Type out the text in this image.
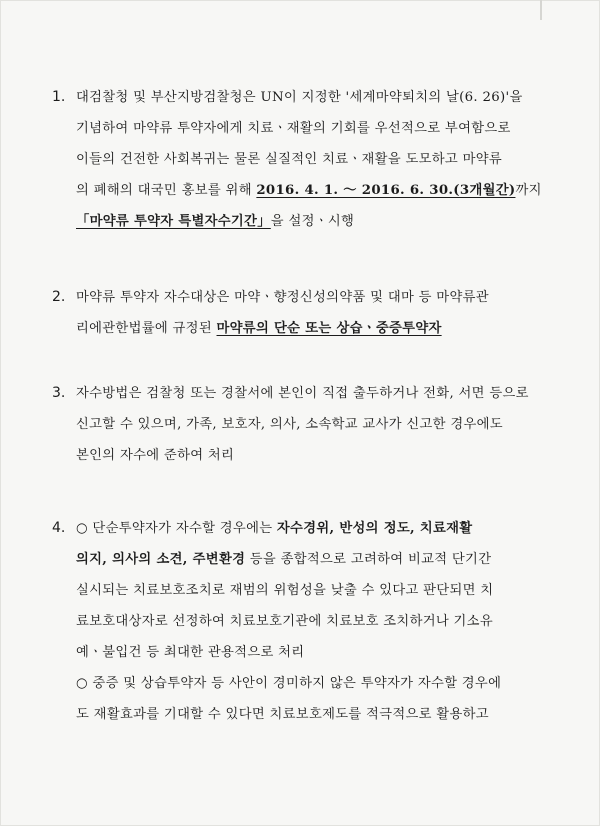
1. 대검찰청 및 부산지방검찰청은 UN이 지정한 '세계마약퇴치의 날(6. 26)'을
기념하여 마약류 투약자에게 치료ㆍ재활의 기회를 우선적으로 부여함으로
이들의 건전한 사회복귀는 물론 실질적인 치료ㆍ재활을 도모하고 마약류
의 폐해의 대국민 홍보를 위해 2016. 4. 1. ～ 2016. 6. 30.(3개월간)까지
「마약류 투약자 특별자수기간」을 설정ㆍ시행
2. 마약류 투약자 자수대상은 마약ㆍ향정신성의약품 및 대마 등 마약류관
리에관한법률에 규정된 마약류의 단순 또는 상습ㆍ중증투약자
3. 자수방법은 검찰청 또는 경찰서에 본인이 직접 출두하거나 전화, 서면 등으로
신고할 수 있으며, 가족, 보호자, 의사, 소속학교 교사가 신고한 경우에도
본인의 자수에 준하여 처리
4. ○ 단순투약자가 자수할 경우에는 자수경위, 반성의 정도, 치료재활
의지, 의사의 소견, 주변환경 등을 종합적으로 고려하여 비교적 단기간
실시되는 치료보호조치로 재범의 위험성을 낮출 수 있다고 판단되면 치
료보호대상자로 선정하여 치료보호기관에 치료보호 조치하거나 기소유
예ㆍ불입건 등 최대한 관용적으로 처리
○ 중증 및 상습투약자 등 사안이 경미하지 않은 투약자가 자수할 경우에
도 재활효과를 기대할 수 있다면 치료보호제도를 적극적으로 활용하고
